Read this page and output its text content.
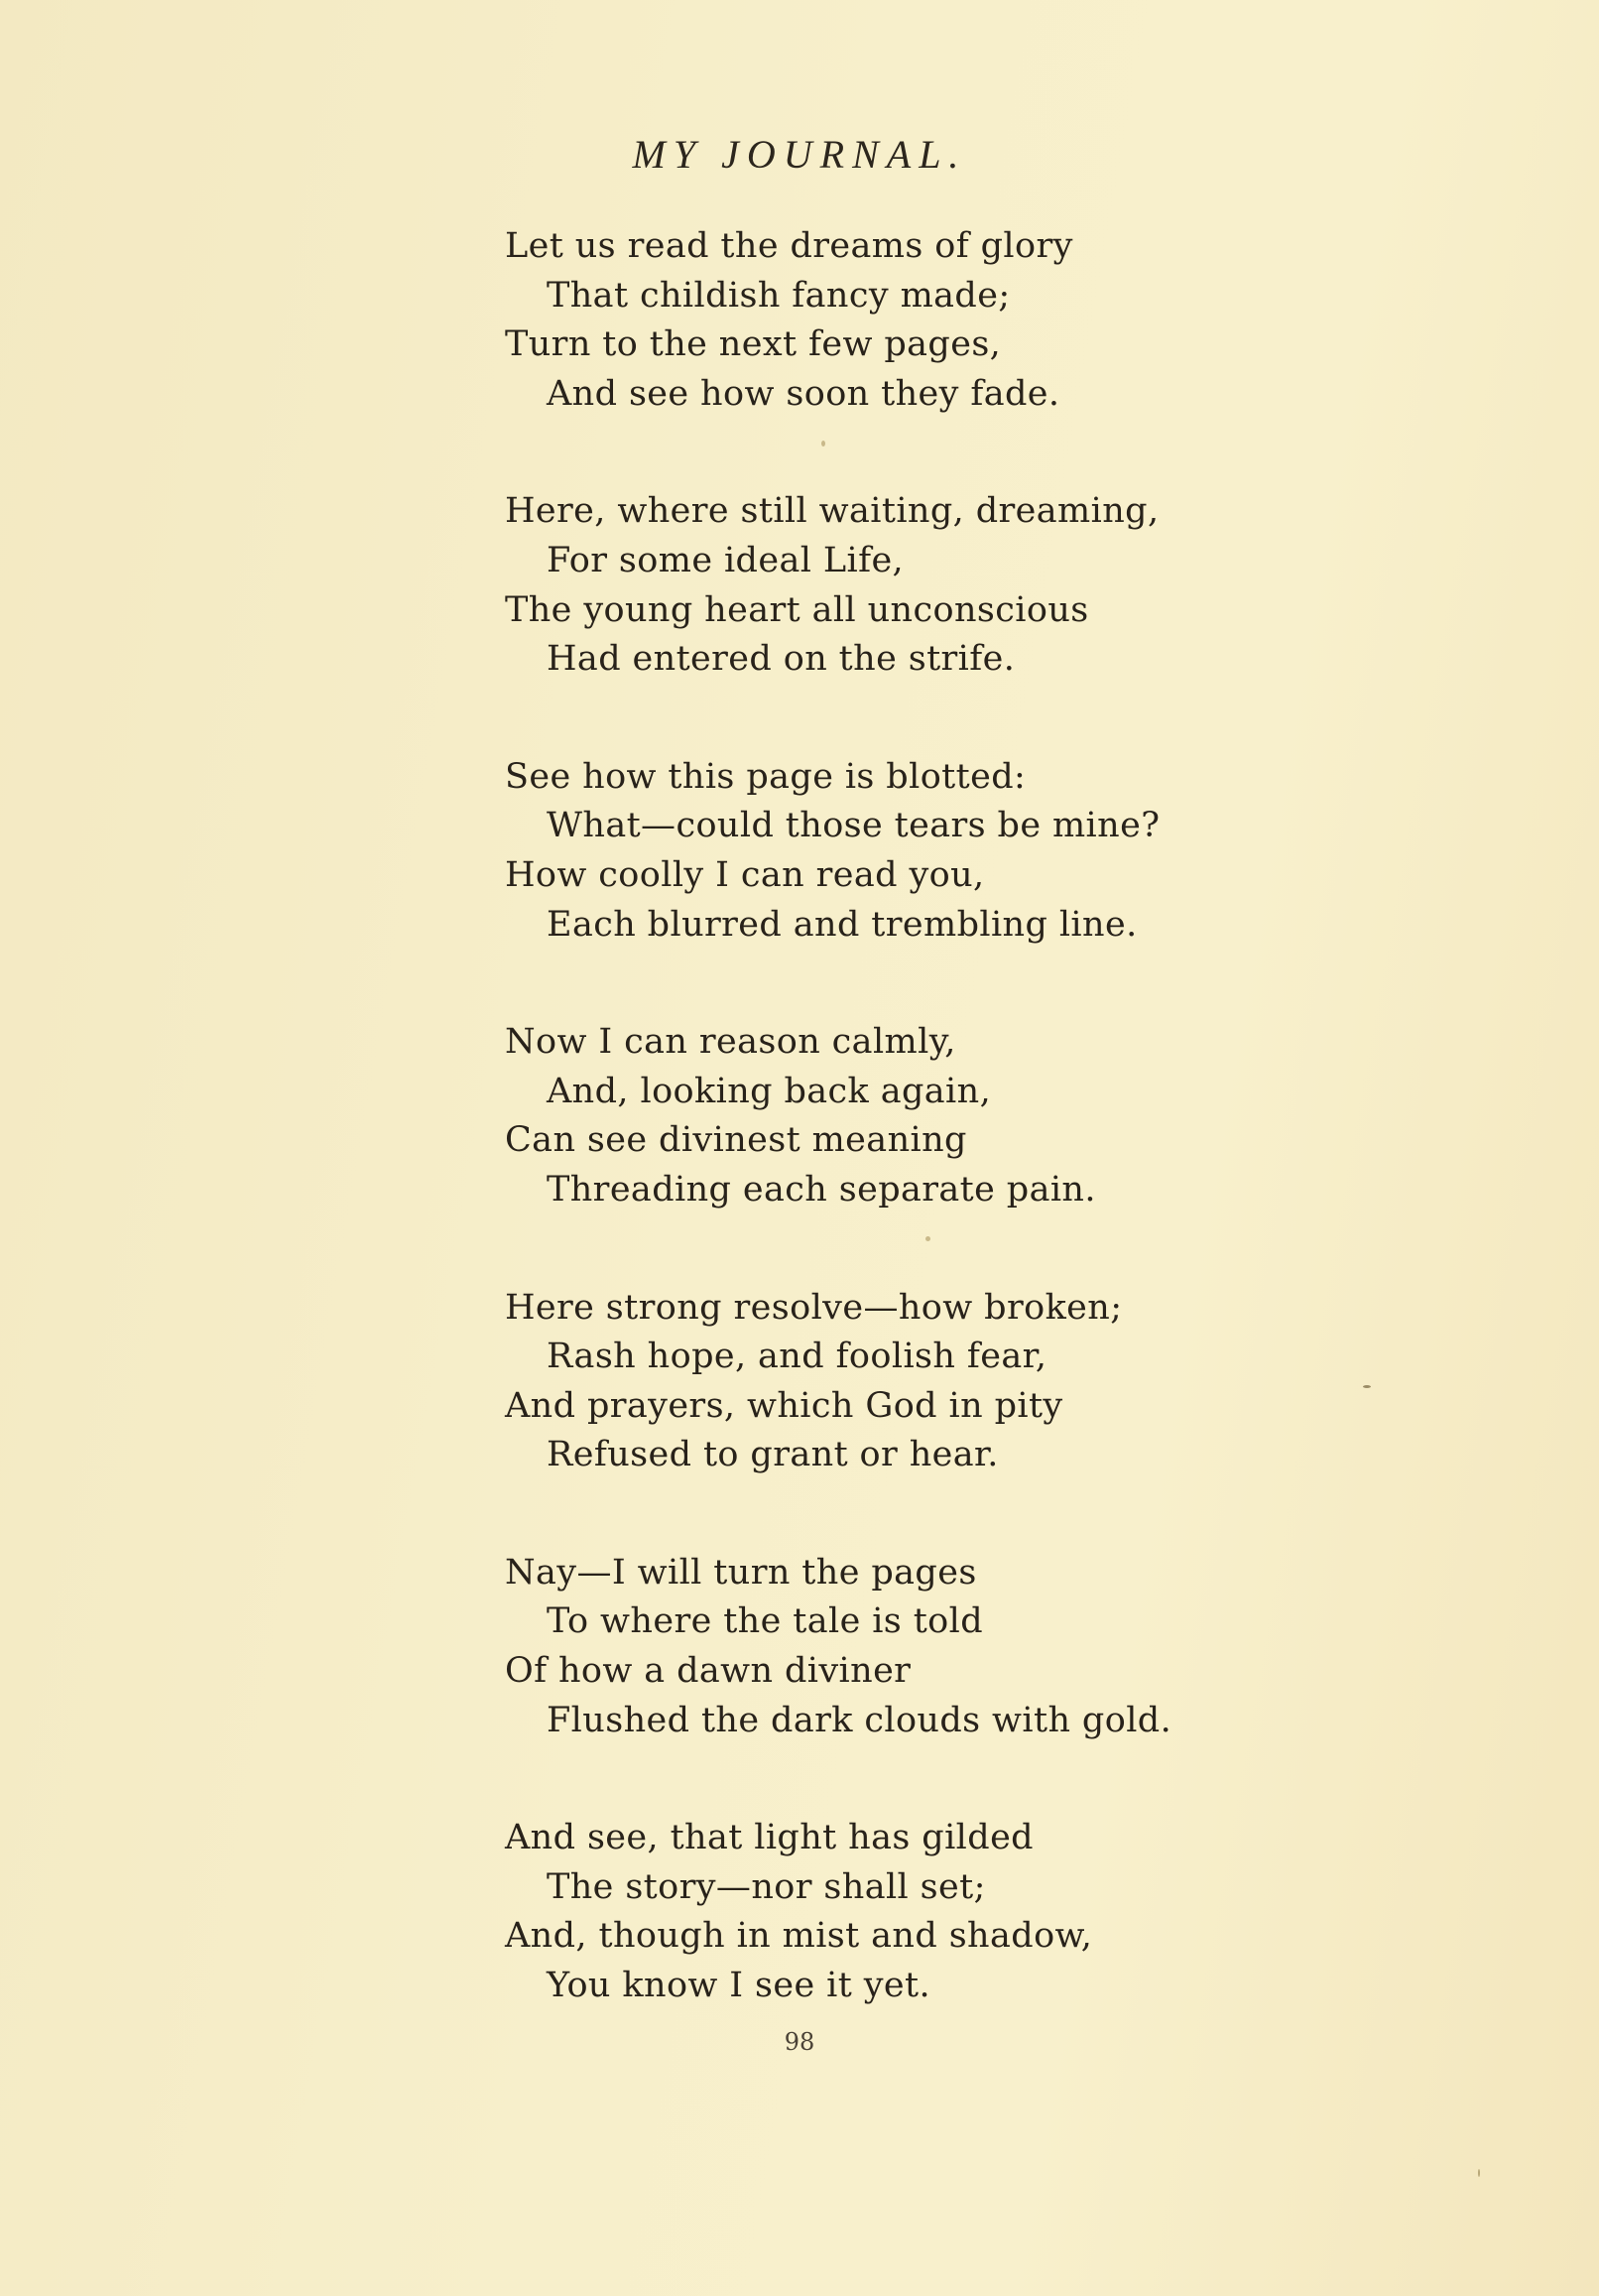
MY JOURNAL.
Let us read the dreams of glory
That childish fancy made;
Turn to the next few pages,
And see how soon they fade.
Here, where still waiting, dreaming,
For some ideal Life,
The young heart all unconscious
Had entered on the strife.
See how this page is blotted:
What—could those tears be mine?
How coolly I can read you,
Each blurred and trembling line.
Now I can reason calmly,
And, looking back again,
Can see divinest meaning
Threading each separate pain.
Here strong resolve—how broken;
Rash hope, and foolish fear,
And prayers, which God in pity
Refused to grant or hear.
Nay—I will turn the pages
To where the tale is told
Of how a dawn diviner
Flushed the dark clouds with gold.
And see, that light has gilded
The story—nor shall set;
And, though in mist and shadow,
You know I see it yet.
98
